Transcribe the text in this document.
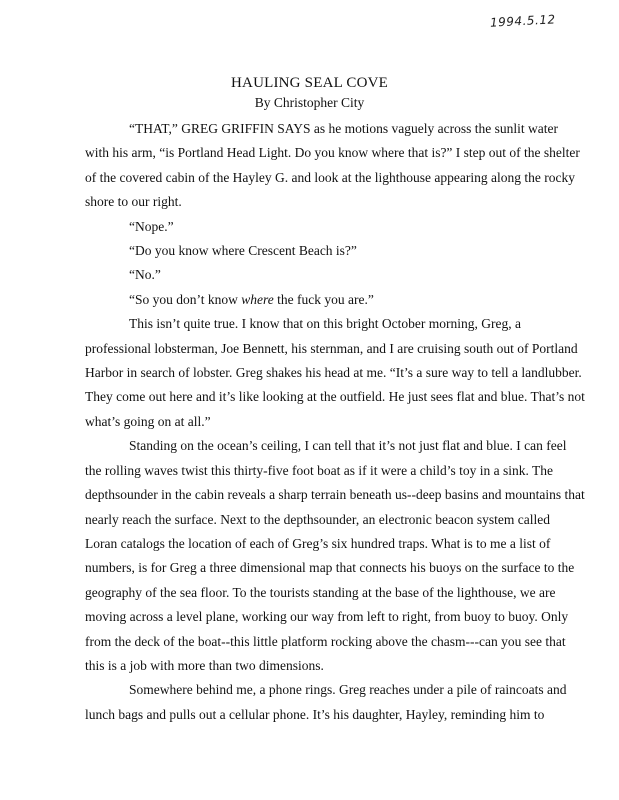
1994.5.12
HAULING SEAL COVE
By Christopher City

“THAT,” GREG GRIFFIN SAYS as he motions vaguely across the sunlit water with his arm, “is Portland Head Light. Do you know where that is?” I step out of the shelter of the covered cabin of the Hayley G. and look at the lighthouse appearing along the rocky shore to our right.

“Nope.”

“Do you know where Crescent Beach is?”

“No.”

“So you don’t know where the fuck you are.”

This isn’t quite true. I know that on this bright October morning, Greg, a professional lobsterman, Joe Bennett, his sternman, and I are cruising south out of Portland Harbor in search of lobster. Greg shakes his head at me. “It’s a sure way to tell a landlubber. They come out here and it’s like looking at the outfield. He just sees flat and blue. That’s not what’s going on at all.”

Standing on the ocean’s ceiling, I can tell that it’s not just flat and blue. I can feel the rolling waves twist this thirty-five foot boat as if it were a child’s toy in a sink. The depthsounder in the cabin reveals a sharp terrain beneath us--deep basins and mountains that nearly reach the surface. Next to the depthsounder, an electronic beacon system called Loran catalogs the location of each of Greg’s six hundred traps. What is to me a list of numbers, is for Greg a three dimensional map that connects his buoys on the surface to the geography of the sea floor. To the tourists standing at the base of the lighthouse, we are moving across a level plane, working our way from left to right, from buoy to buoy. Only from the deck of the boat--this little platform rocking above the chasm---can you see that this is a job with more than two dimensions.

Somewhere behind me, a phone rings. Greg reaches under a pile of raincoats and lunch bags and pulls out a cellular phone. It’s his daughter, Hayley, reminding him to
